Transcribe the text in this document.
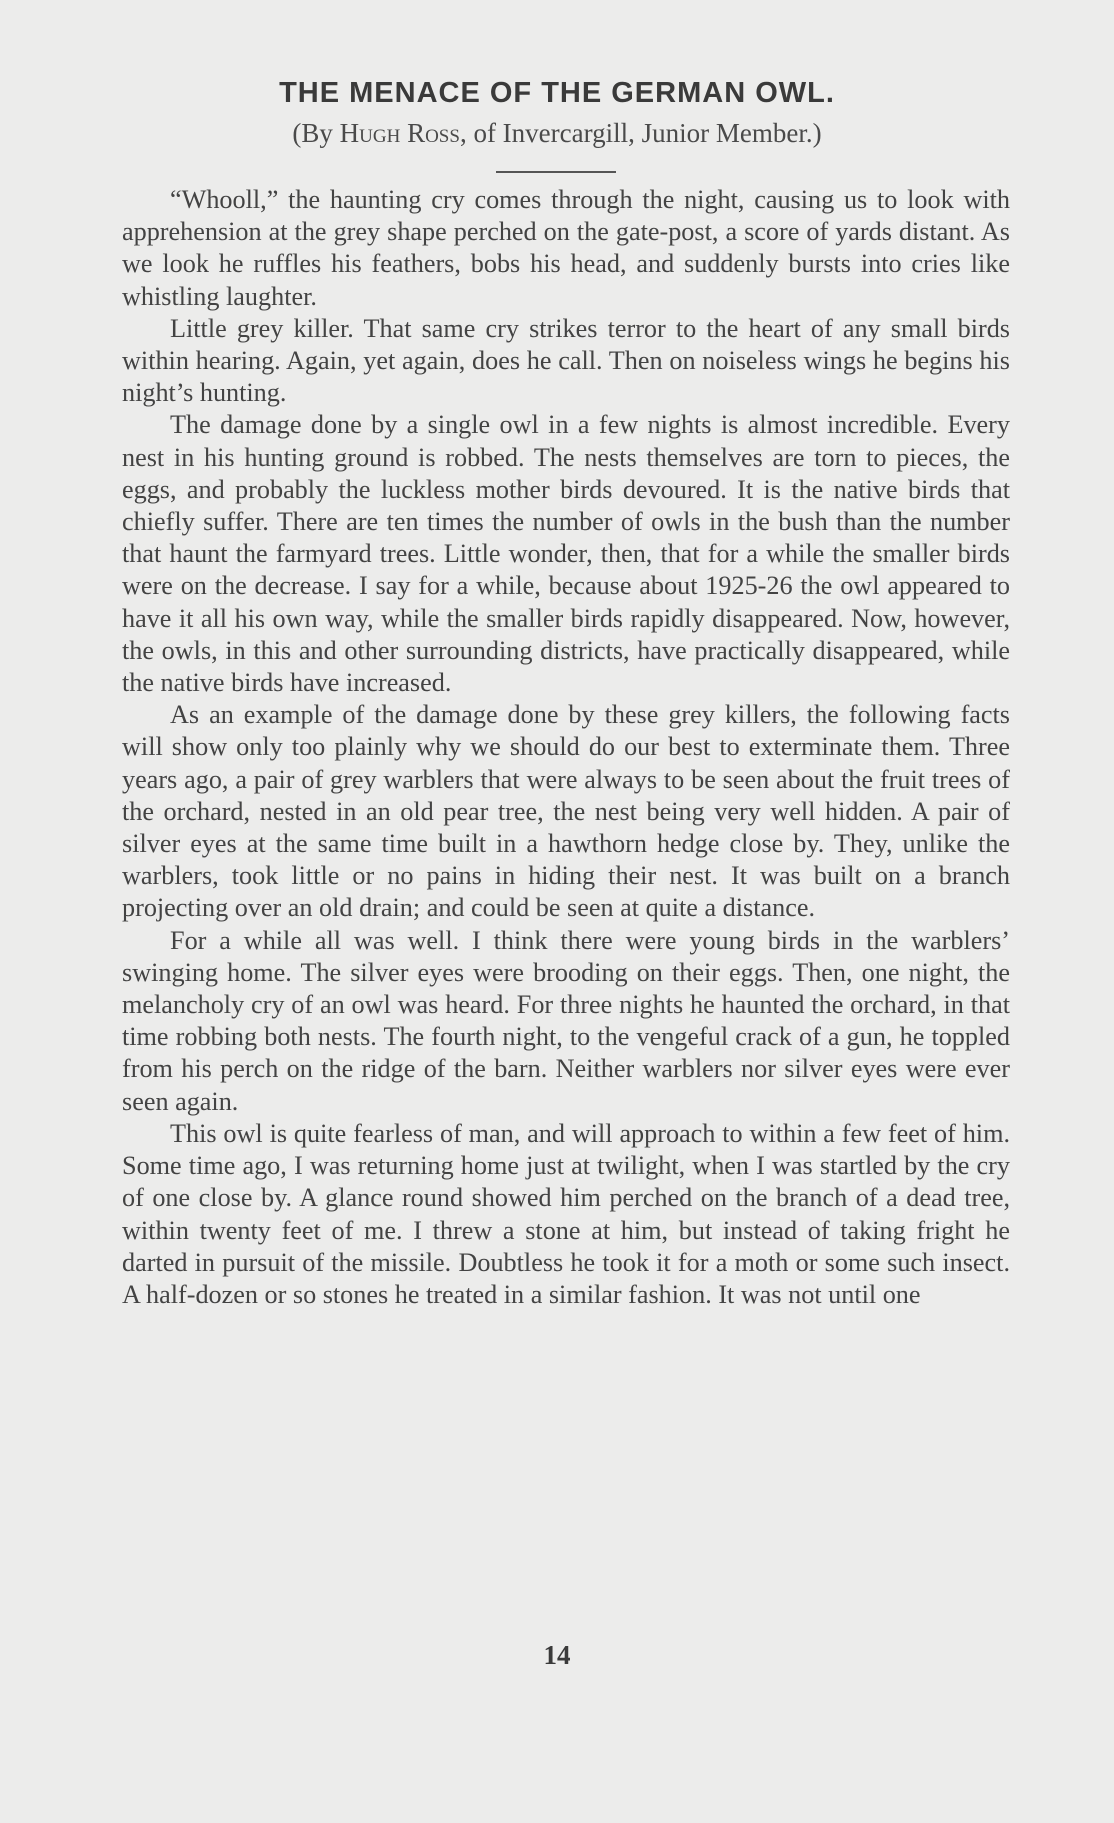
THE MENACE OF THE GERMAN OWL.
(By Hugh Ross, of Invercargill, Junior Member.)

“Whooll,” the haunting cry comes through the night, causing us to look with apprehension at the grey shape perched on the gate-post, a score of yards distant. As we look he ruffles his feathers, bobs his head, and suddenly bursts into cries like whistling laughter.

Little grey killer. That same cry strikes terror to the heart of any small birds within hearing. Again, yet again, does he call. Then on noiseless wings he begins his night’s hunting.

The damage done by a single owl in a few nights is almost incredible. Every nest in his hunting ground is robbed. The nests themselves are torn to pieces, the eggs, and probably the luckless mother birds devoured. It is the native birds that chiefly suffer. There are ten times the number of owls in the bush than the number that haunt the farmyard trees. Little wonder, then, that for a while the smaller birds were on the decrease. I say for a while, because about 1925-26 the owl appeared to have it all his own way, while the smaller birds rapidly disappeared. Now, however, the owls, in this and other surrounding districts, have practically disappeared, while the native birds have increased.

As an example of the damage done by these grey killers, the following facts will show only too plainly why we should do our best to exterminate them. Three years ago, a pair of grey warblers that were always to be seen about the fruit trees of the orchard, nested in an old pear tree, the nest being very well hidden. A pair of silver eyes at the same time built in a hawthorn hedge close by. They, unlike the warblers, took little or no pains in hiding their nest. It was built on a branch projecting over an old drain; and could be seen at quite a distance.

For a while all was well. I think there were young birds in the warblers’ swinging home. The silver eyes were brooding on their eggs. Then, one night, the melancholy cry of an owl was heard. For three nights he haunted the orchard, in that time robbing both nests. The fourth night, to the vengeful crack of a gun, he toppled from his perch on the ridge of the barn. Neither warblers nor silver eyes were ever seen again.

This owl is quite fearless of man, and will approach to within a few feet of him. Some time ago, I was returning home just at twilight, when I was startled by the cry of one close by. A glance round showed him perched on the branch of a dead tree, within twenty feet of me. I threw a stone at him, but instead of taking fright he darted in pursuit of the missile. Doubtless he took it for a moth or some such insect. A half-dozen or so stones he treated in a similar fashion. It was not until one

14
